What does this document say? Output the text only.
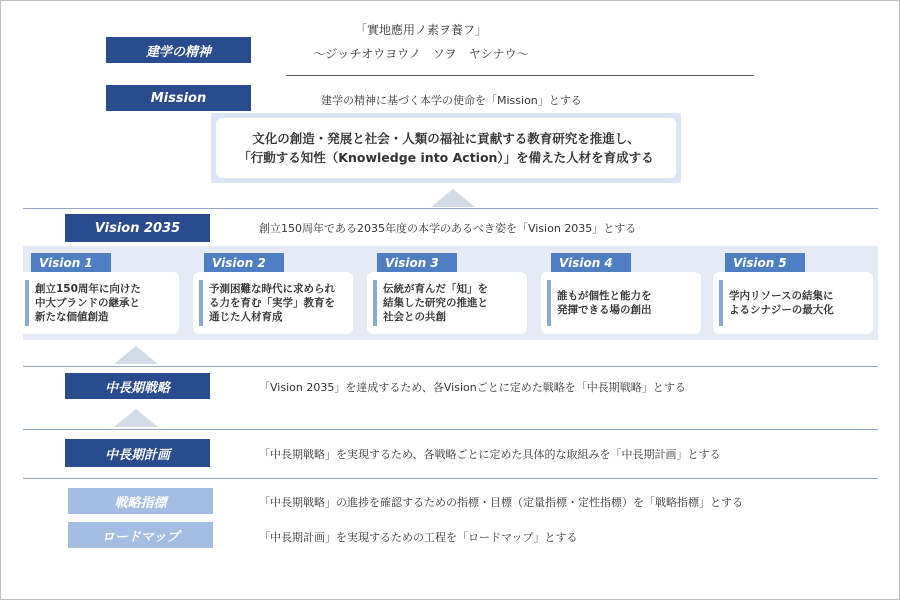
建学の精神
「實地應用ノ素ヲ養フ」
〜ジッチオウヨウノ　ソヲ　ヤシナウ〜
Mission	建学の精神に基づく本学の使命を「Mission」とする
文化の創造・発展と社会・人類の福祉に貢献する教育研究を推進し、
「行動する知性（Knowledge into Action）」を備えた人材を育成する
Vision 2035	創立150周年である2035年度の本学のあるべき姿を「Vision 2035」とする
Vision 1
創立150周年に向けた
中大ブランドの継承と
新たな価値創造
Vision 2
予測困難な時代に求められ
る力を育む「実学」教育を
通じた人材育成
Vision 3
伝統が育んだ「知」を
結集した研究の推進と
社会との共創
Vision 4
誰もが個性と能力を
発揮できる場の創出
Vision 5
学内リソースの結集に
よるシナジーの最大化
中長期戦略	「Vision 2035」を達成するため、各Visionごとに定めた戦略を「中長期戦略」とする
中長期計画	「中長期戦略」を実現するため、各戦略ごとに定めた具体的な取組みを「中長期計画」とする
戦略指標	「中長期戦略」の進捗を確認するための指標・目標（定量指標・定性指標）を「戦略指標」とする
ロードマップ	「中長期計画」を実現するための工程を「ロードマップ」とする
